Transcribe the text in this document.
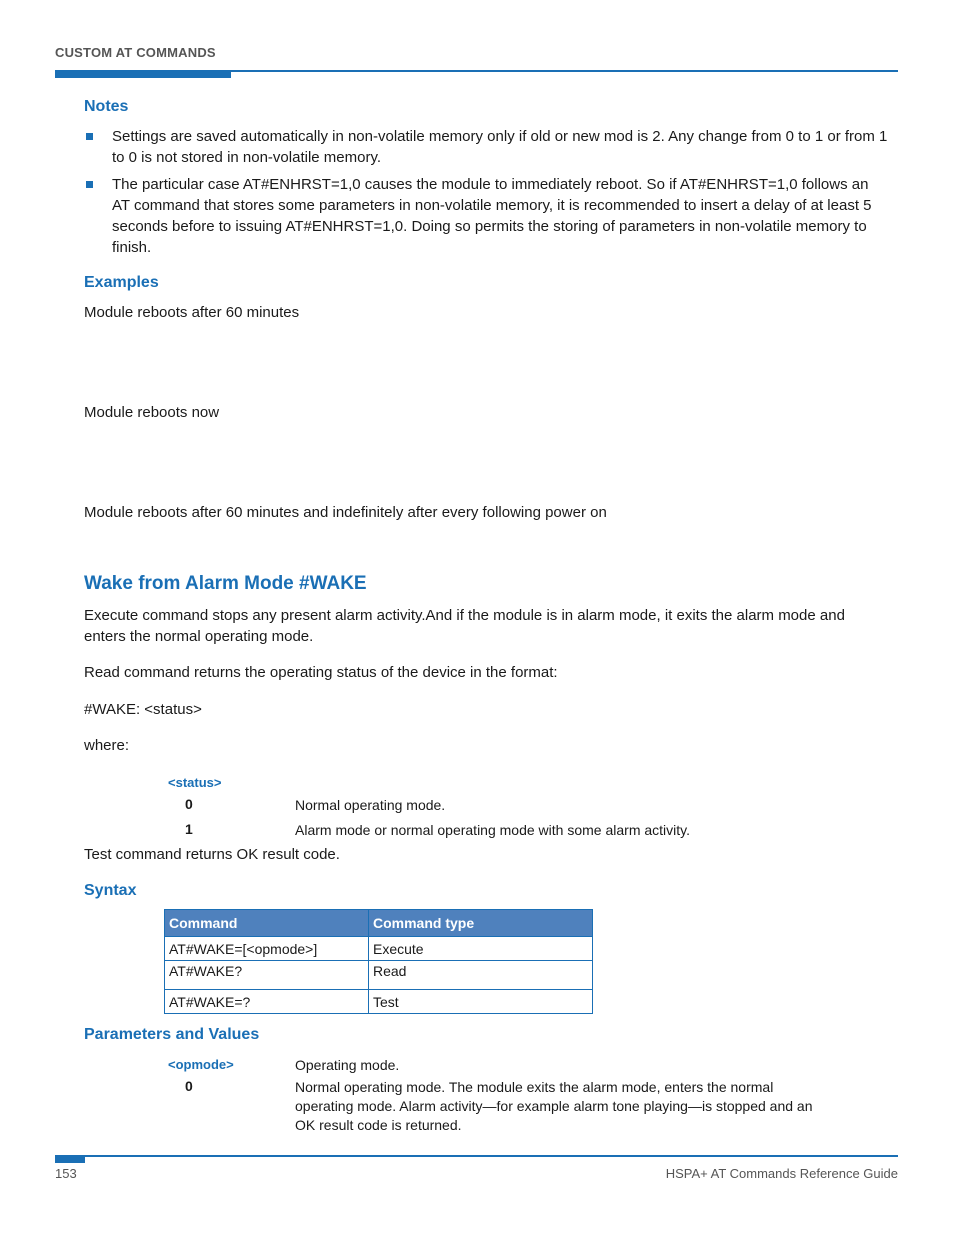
CUSTOM AT COMMANDS
Notes
Settings are saved automatically in non-volatile memory only if old or new mod is 2. Any change from 0 to 1 or from 1 to 0 is not stored in non-volatile memory.
The particular case AT#ENHRST=1,0 causes the module to immediately reboot. So if AT#ENHRST=1,0 follows an AT command that stores some parameters in non-volatile memory, it is recommended to insert a delay of at least 5 seconds before to issuing AT#ENHRST=1,0. Doing so permits the storing of parameters in non-volatile memory to finish.
Examples
Module reboots after 60 minutes
Module reboots now
Module reboots after 60 minutes and indefinitely after every following power on
Wake from Alarm Mode #WAKE
Execute command stops any present alarm activity.And if the module is in alarm mode, it exits the alarm mode and enters the normal operating mode.
Read command returns the operating status of the device in the format:
#WAKE: <status>
where:
<status>
0	Normal operating mode.
1	Alarm mode or normal operating mode with some alarm activity.
Test command returns OK result code.
Syntax
Command	Command type
AT#WAKE=[<opmode>]	Execute
AT#WAKE?	Read
AT#WAKE=?	Test
Parameters and Values
<opmode>	Operating mode.
0	Normal operating mode. The module exits the alarm mode, enters the normal operating mode. Alarm activity—for example alarm tone playing—is stopped and an OK result code is returned.
153	HSPA+ AT Commands Reference Guide
